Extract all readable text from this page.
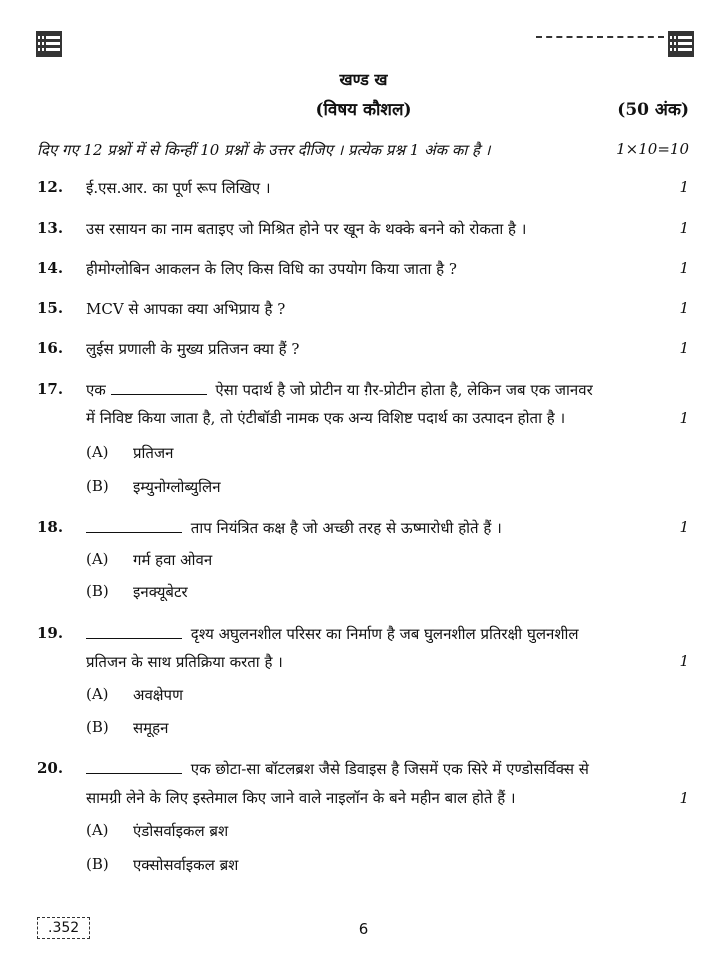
खण्ड ख
(विषय कौशल)	(50 अंक)
दिए गए 12 प्रश्नों में से किन्हीं 10 प्रश्नों के उत्तर दीजिए । प्रत्येक प्रश्न 1 अंक का है ।	1×10=10
12. ई.एस.आर. का पूर्ण रूप लिखिए ।	1
13. उस रसायन का नाम बताइए जो मिश्रित होने पर खून के थक्के बनने को रोकता है ।	1
14. हीमोग्लोबिन आकलन के लिए किस विधि का उपयोग किया जाता है ?	1
15. MCV से आपका क्या अभिप्राय है ?	1
16. लुईस प्रणाली के मुख्य प्रतिजन क्या हैं ?	1
17. एक	ऐसा पदार्थ है जो प्रोटीन या ग़ैर-प्रोटीन होता है, लेकिन जब एक जानवर
में निविष्ट किया जाता है, तो एंटीबॉडी नामक एक अन्य विशिष्ट पदार्थ का उत्पादन होता है ।	1
(A) प्रतिजन
(B) इम्युनोग्लोब्युलिन
18.	ताप नियंत्रित कक्ष है जो अच्छी तरह से ऊष्मारोधी होते हैं ।	1
(A) गर्म हवा ओवन
(B) इनक्यूबेटर
19.	दृश्य अघुलनशील परिसर का निर्माण है जब घुलनशील प्रतिरक्षी घुलनशील
प्रतिजन के साथ प्रतिक्रिया करता है ।	1
(A) अवक्षेपण
(B) समूहन
20.	एक छोटा-सा बॉटलब्रश जैसे डिवाइस है जिसमें एक सिरे में एण्डोसर्विक्स से
सामग्री लेने के लिए इस्तेमाल किए जाने वाले नाइलॉन के बने महीन बाल होते हैं ।	1
(A) एंडोसर्वाइकल ब्रश
(B) एक्सोसर्वाइकल ब्रश
.352	6
